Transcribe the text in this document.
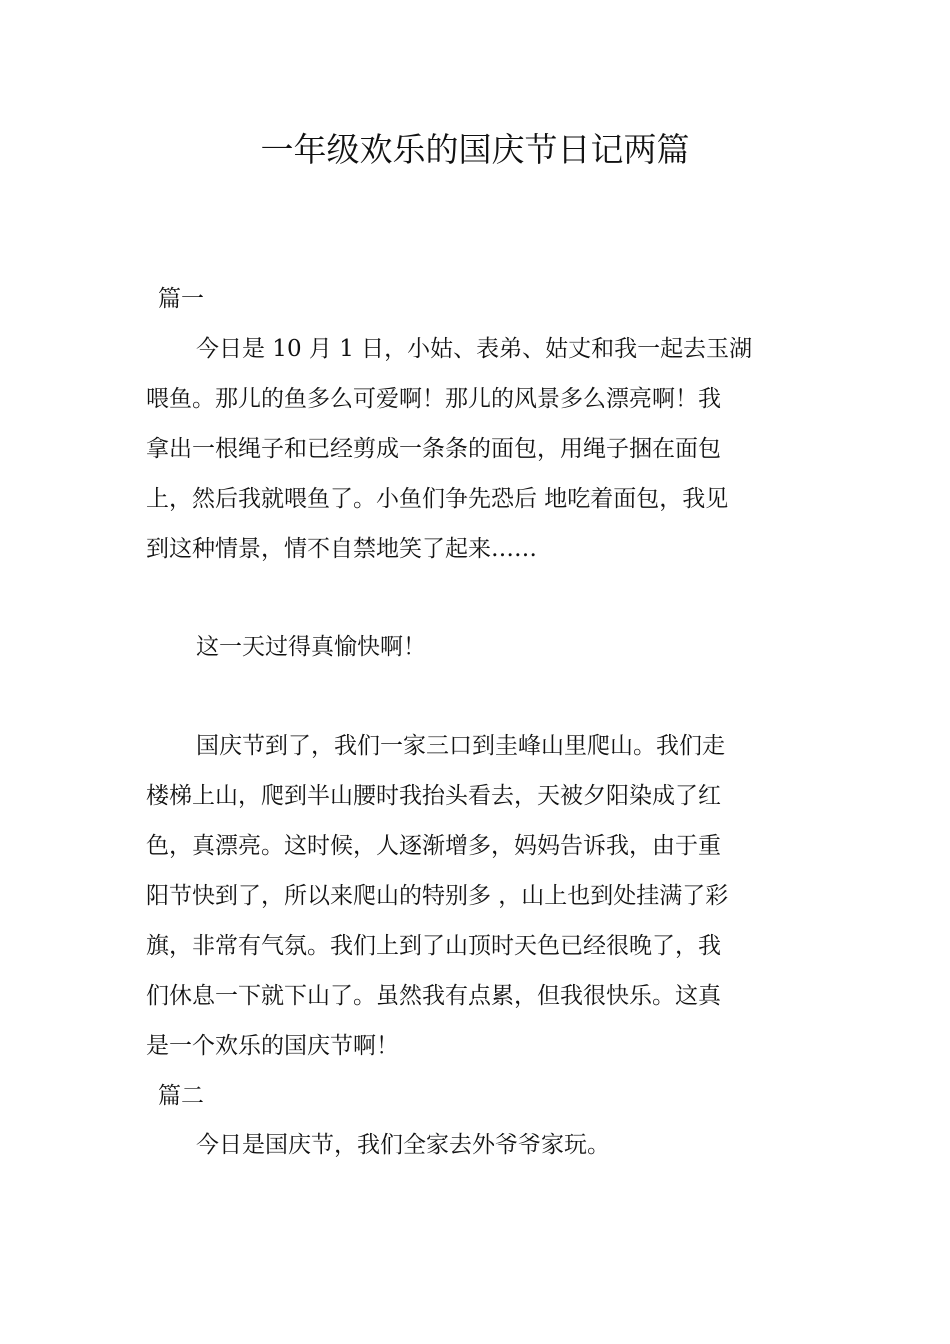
一年级欢乐的国庆节日记两篇
篇一
今日是 10 月 1 日，小姑、表弟、姑丈和我一起去玉湖
喂鱼。那儿的鱼多么可爱啊！那儿的风景多么漂亮啊！我
拿出一根绳子和已经剪成一条条的面包，用绳子捆在面包
上，然后我就喂鱼了。小鱼们争先恐后 地吃着面包，我见
到这种情景，情不自禁地笑了起来……
这一天过得真愉快啊！
国庆节到了，我们一家三口到圭峰山里爬山。我们走
楼梯上山，爬到半山腰时我抬头看去，天被夕阳染成了红
色，真漂亮。这时候，人逐渐增多，妈妈告诉我，由于重
阳节快到了，所以来爬山的特别多 ，山上也到处挂满了彩
旗，非常有气氛。我们上到了山顶时天色已经很晚了，我
们休息一下就下山了。虽然我有点累，但我很快乐。这真
是一个欢乐的国庆节啊！
篇二
今日是国庆节，我们全家去外爷爷家玩。
